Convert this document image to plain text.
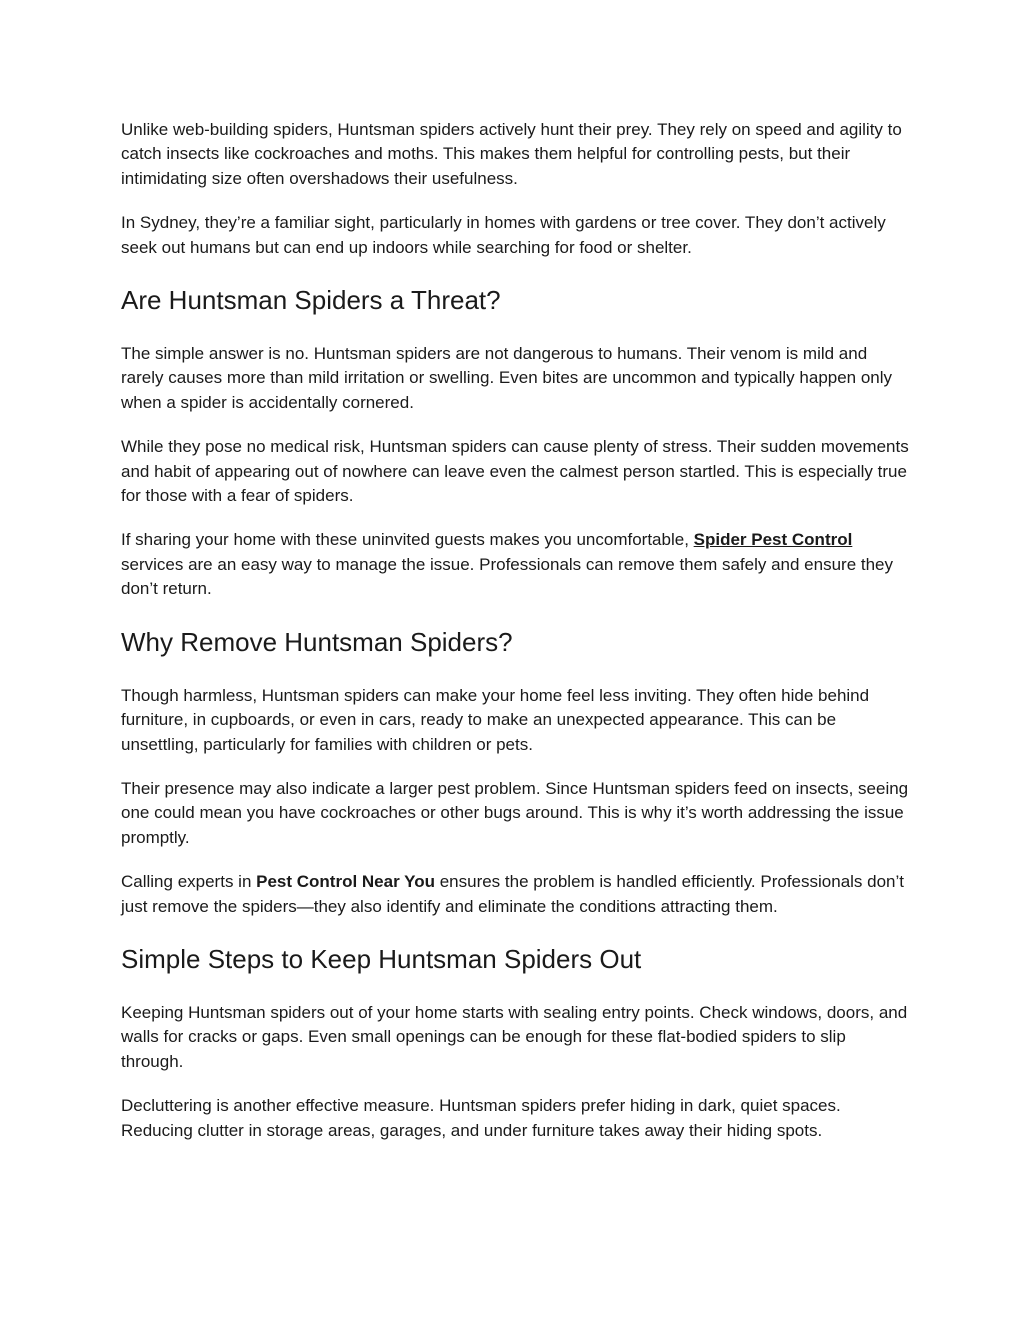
Unlike web-building spiders, Huntsman spiders actively hunt their prey. They rely on speed and agility to catch insects like cockroaches and moths. This makes them helpful for controlling pests, but their intimidating size often overshadows their usefulness.

In Sydney, they’re a familiar sight, particularly in homes with gardens or tree cover. They don’t actively seek out humans but can end up indoors while searching for food or shelter.

Are Huntsman Spiders a Threat?

The simple answer is no. Huntsman spiders are not dangerous to humans. Their venom is mild and rarely causes more than mild irritation or swelling. Even bites are uncommon and typically happen only when a spider is accidentally cornered.

While they pose no medical risk, Huntsman spiders can cause plenty of stress. Their sudden movements and habit of appearing out of nowhere can leave even the calmest person startled. This is especially true for those with a fear of spiders.

If sharing your home with these uninvited guests makes you uncomfortable, Spider Pest Control services are an easy way to manage the issue. Professionals can remove them safely and ensure they don’t return.

Why Remove Huntsman Spiders?

Though harmless, Huntsman spiders can make your home feel less inviting. They often hide behind furniture, in cupboards, or even in cars, ready to make an unexpected appearance. This can be unsettling, particularly for families with children or pets.

Their presence may also indicate a larger pest problem. Since Huntsman spiders feed on insects, seeing one could mean you have cockroaches or other bugs around. This is why it’s worth addressing the issue promptly.

Calling experts in Pest Control Near You ensures the problem is handled efficiently. Professionals don’t just remove the spiders—they also identify and eliminate the conditions attracting them.

Simple Steps to Keep Huntsman Spiders Out

Keeping Huntsman spiders out of your home starts with sealing entry points. Check windows, doors, and walls for cracks or gaps. Even small openings can be enough for these flat-bodied spiders to slip through.

Decluttering is another effective measure. Huntsman spiders prefer hiding in dark, quiet spaces. Reducing clutter in storage areas, garages, and under furniture takes away their hiding spots.
